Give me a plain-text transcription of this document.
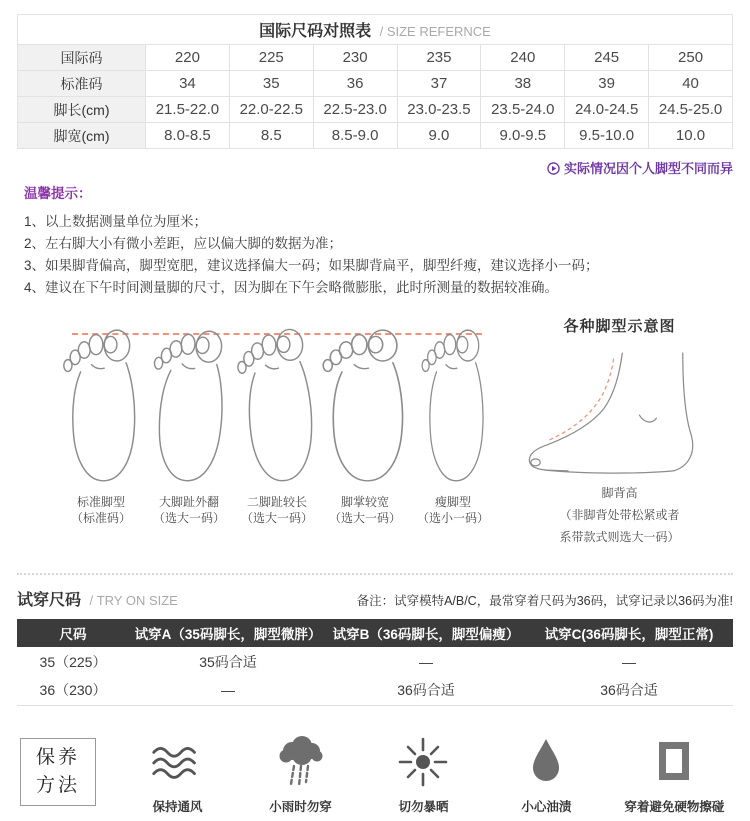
国际尺码对照表 / SIZE REFERNCE							
国际码	220	225	230	235	240	245	250
标准码	34	35	36	37	38	39	40
脚长(cm)	21.5-22.0	22.0-22.5	22.5-23.0	23.0-23.5	23.5-24.0	24.0-24.5	24.5-25.0
脚宽(cm)	8.0-8.5	8.5	8.5-9.0	9.0	9.0-9.5	9.5-10.0	10.0
实际情况因个人脚型不同而异
温馨提示：
1、以上数据测量单位为厘米；
2、左右脚大小有微小差距，应以偏大脚的数据为准；
3、如果脚背偏高，脚型宽肥，建议选择偏大一码；如果脚背扁平，脚型纤瘦，建议选择小一码；
4、建议在下午时间测量脚的尺寸，因为脚在下午会略微膨胀，此时所测量的数据较准确。
标准脚型
（标准码）
大脚趾外翻
（选大一码）
二脚趾较长
（选大一码）
脚掌较宽
（选大一码）
瘦脚型
（选小一码）
各种脚型示意图
脚背高
（非脚背处带松紧或者
系带款式则选大一码）
试穿尺码 / TRY ON SIZE	备注：试穿模特A/B/C，最常穿着尺码为36码，试穿记录以36码为准!
尺码	试穿A（35码脚长，脚型微胖）	试穿B（36码脚长，脚型偏瘦）	试穿C(36码脚长，脚型正常)
35（225）	35码合适	—	—
36（230）	—	36码合适	36码合适
保养
方法
保持通风	小雨时勿穿	切勿暴晒	小心油渍	穿着避免硬物擦碰
